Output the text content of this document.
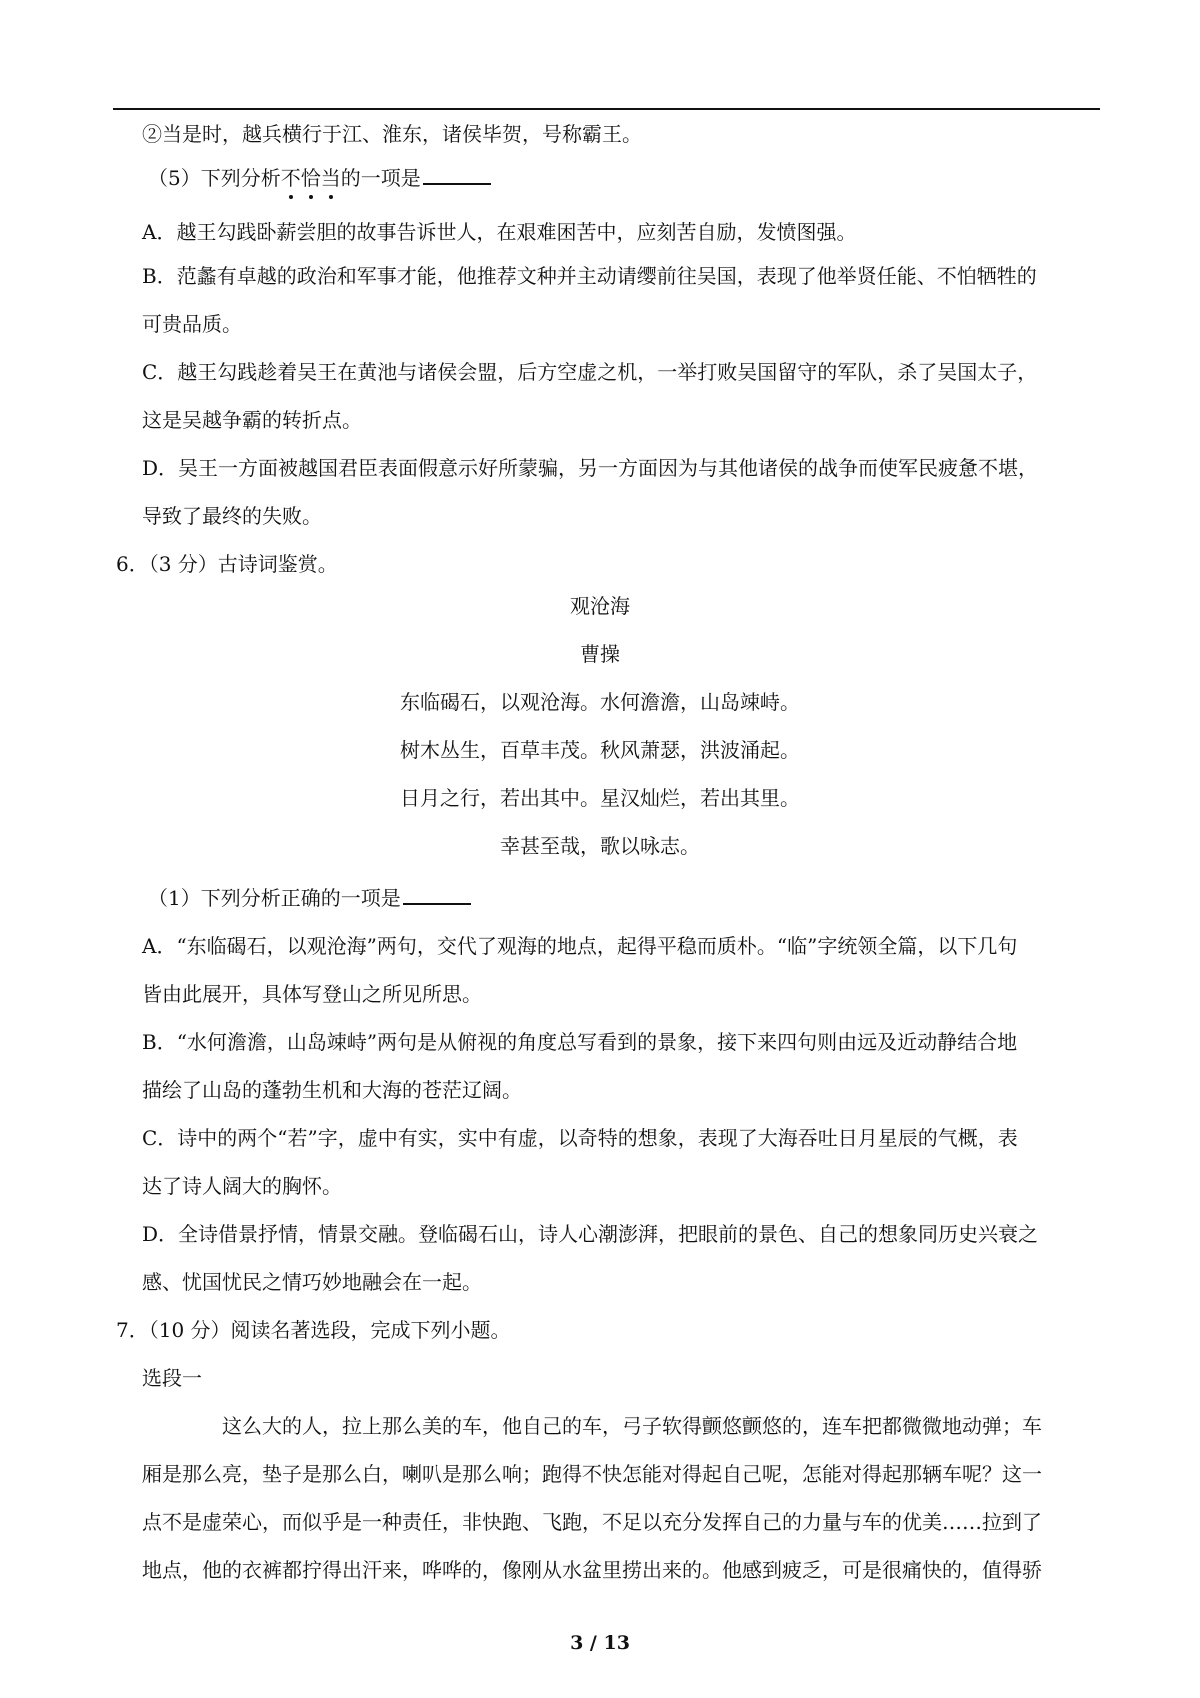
②当是时，越兵横行于江、淮东，诸侯毕贺，号称霸王。
（5）下列分析不恰当的一项是
A．越王勾践卧薪尝胆的故事告诉世人，在艰难困苦中，应刻苦自励，发愤图强。
B．范蠡有卓越的政治和军事才能，他推荐文种并主动请缨前往吴国，表现了他举贤任能、不怕牺牲的
可贵品质。
C．越王勾践趁着吴王在黄池与诸侯会盟，后方空虚之机，一举打败吴国留守的军队，杀了吴国太子，
这是吴越争霸的转折点。
D．吴王一方面被越国君臣表面假意示好所蒙骗，另一方面因为与其他诸侯的战争而使军民疲惫不堪，
导致了最终的失败。
6．（3 分）古诗词鉴赏。
观沧海
曹操
东临碣石，以观沧海。水何澹澹，山岛竦峙。
树木丛生，百草丰茂。秋风萧瑟，洪波涌起。
日月之行，若出其中。星汉灿烂，若出其里。
幸甚至哉，歌以咏志。
（1）下列分析正确的一项是
A．“东临碣石，以观沧海”两句，交代了观海的地点，起得平稳而质朴。“临”字统领全篇，以下几句
皆由此展开，具体写登山之所见所思。
B．“水何澹澹，山岛竦峙”两句是从俯视的角度总写看到的景象，接下来四句则由远及近动静结合地
描绘了山岛的蓬勃生机和大海的苍茫辽阔。
C．诗中的两个“若”字，虚中有实，实中有虚，以奇特的想象，表现了大海吞吐日月星辰的气概，表
达了诗人阔大的胸怀。
D．全诗借景抒情，情景交融。登临碣石山，诗人心潮澎湃，把眼前的景色、自己的想象同历史兴衰之
感、忧国忧民之情巧妙地融会在一起。
7．（10 分）阅读名著选段，完成下列小题。
选段一
这么大的人，拉上那么美的车，他自己的车，弓子软得颤悠颤悠的，连车把都微微地动弹；车
厢是那么亮，垫子是那么白，喇叭是那么响；跑得不快怎能对得起自己呢，怎能对得起那辆车呢？这一
点不是虚荣心，而似乎是一种责任，非快跑、飞跑，不足以充分发挥自己的力量与车的优美……拉到了
地点，他的衣裤都拧得出汗来，哗哗的，像刚从水盆里捞出来的。他感到疲乏，可是很痛快的，值得骄
3 / 13
